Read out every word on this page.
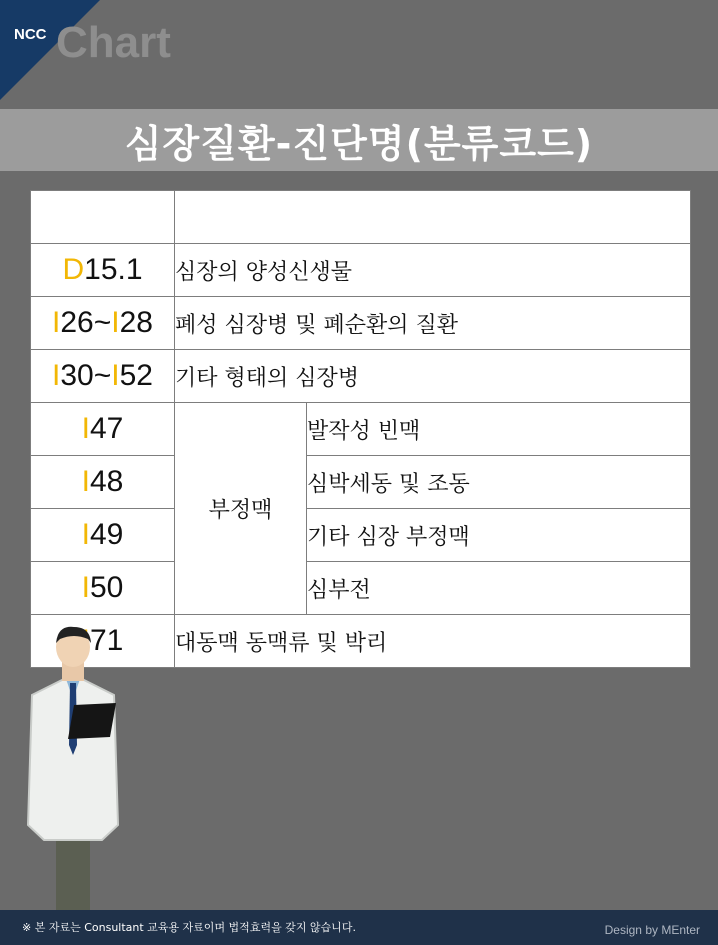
NCC Chart
심장질환-진단명(분류코드)
분류번호	진단명	
D15.1	심장의 양성신생물	
I26~I28	폐성 심장병 및 폐순환의 질환	
I30~I52	기타 형태의 심장병	
I47	부정맥	발작성 빈맥
I48		심박세동 및 조동
I49		기타 심장 부정맥
I50		심부전
71	대동맥 동맥류 및 박리	
※ 본 자료는 Consultant 교육용 자료이며 법적효력을 갖지 않습니다.	Design by MEnter
